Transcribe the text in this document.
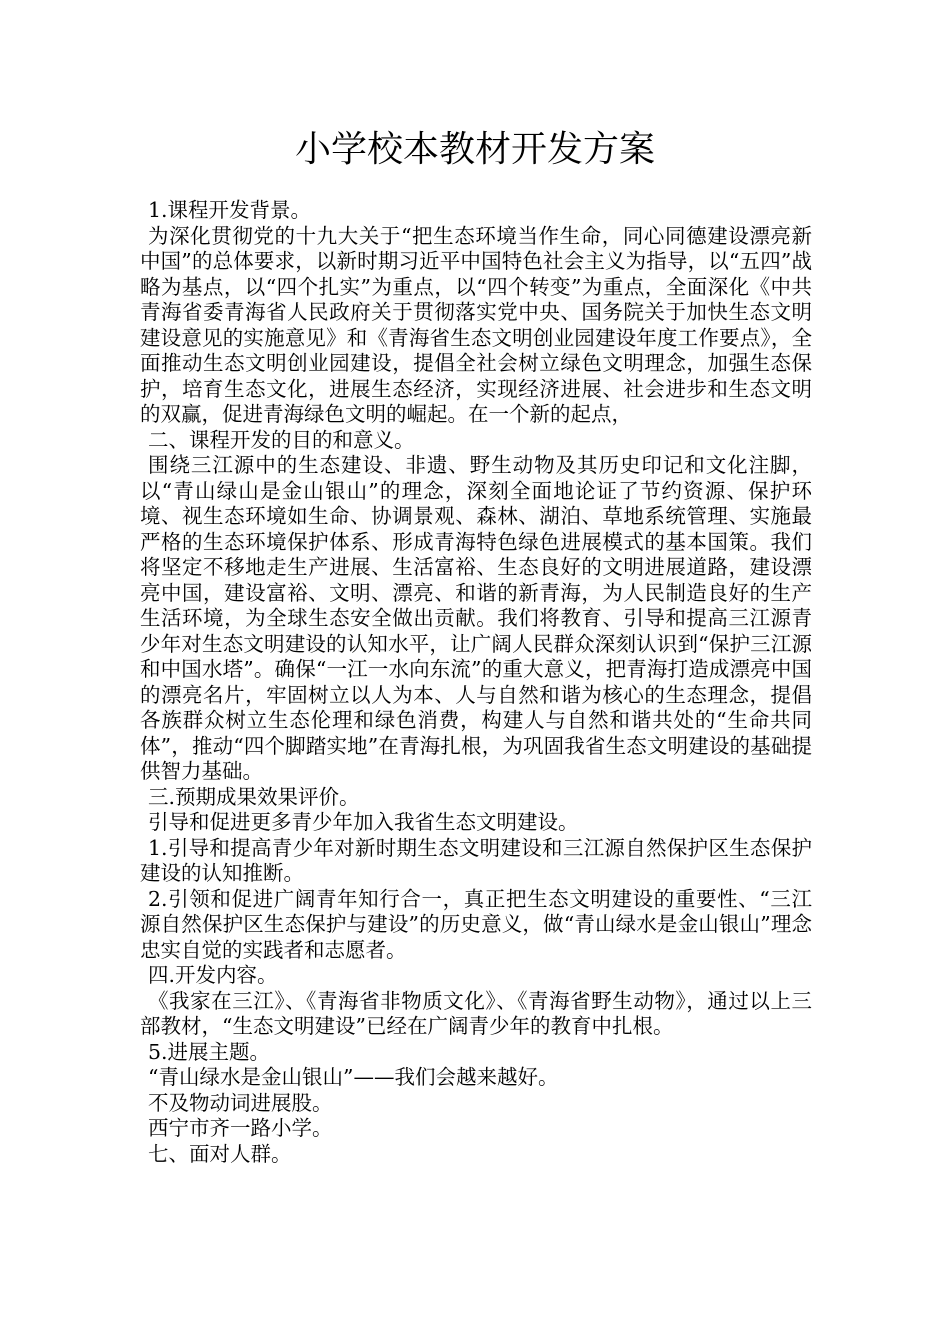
小学校本教材开发方案

1.课程开发背景。

为深化贯彻党的十九大关于“把生态环境当作生命，同心同德建设漂亮新中国”的总体要求，以新时期习近平中国特色社会主义为指导，以“五四”战略为基点，以“四个扎实”为重点，以“四个转变”为重点，全面深化《中共青海省委青海省人民政府关于贯彻落实党中央、国务院关于加快生态文明建设意见的实施意见》和《青海省生态文明创业园建设年度工作要点》，全面推动生态文明创业园建设，提倡全社会树立绿色文明理念，加强生态保护，培育生态文化，进展生态经济，实现经济进展、社会进步和生态文明的双赢，促进青海绿色文明的崛起。在一个新的起点，

二、课程开发的目的和意义。

围绕三江源中的生态建设、非遗、野生动物及其历史印记和文化注脚，以“青山绿山是金山银山”的理念，深刻全面地论证了节约资源、保护环境、视生态环境如生命、协调景观、森林、湖泊、草地系统管理、实施最严格的生态环境保护体系、形成青海特色绿色进展模式的基本国策。我们将坚定不移地走生产进展、生活富裕、生态良好的文明进展道路，建设漂亮中国，建设富裕、文明、漂亮、和谐的新青海，为人民制造良好的生产生活环境，为全球生态安全做出贡献。我们将教育、引导和提高三江源青少年对生态文明建设的认知水平，让广阔人民群众深刻认识到“保护三江源和中国水塔”。确保“一江一水向东流”的重大意义，把青海打造成漂亮中国的漂亮名片，牢固树立以人为本、人与自然和谐为核心的生态理念，提倡各族群众树立生态伦理和绿色消费，构建人与自然和谐共处的“生命共同体”，推动“四个脚踏实地”在青海扎根，为巩固我省生态文明建设的基础提供智力基础。

三.预期成果效果评价。

引导和促进更多青少年加入我省生态文明建设。

1.引导和提高青少年对新时期生态文明建设和三江源自然保护区生态保护建设的认知推断。

2.引领和促进广阔青年知行合一，真正把生态文明建设的重要性、“三江源自然保护区生态保护与建设”的历史意义，做“青山绿水是金山银山”理念忠实自觉的实践者和志愿者。

四.开发内容。

《我家在三江》、《青海省非物质文化》、《青海省野生动物》，通过以上三部教材，“生态文明建设”已经在广阔青少年的教育中扎根。

5.进展主题。

“青山绿水是金山银山”——我们会越来越好。

不及物动词进展股。

西宁市齐一路小学。

七、面对人群。
